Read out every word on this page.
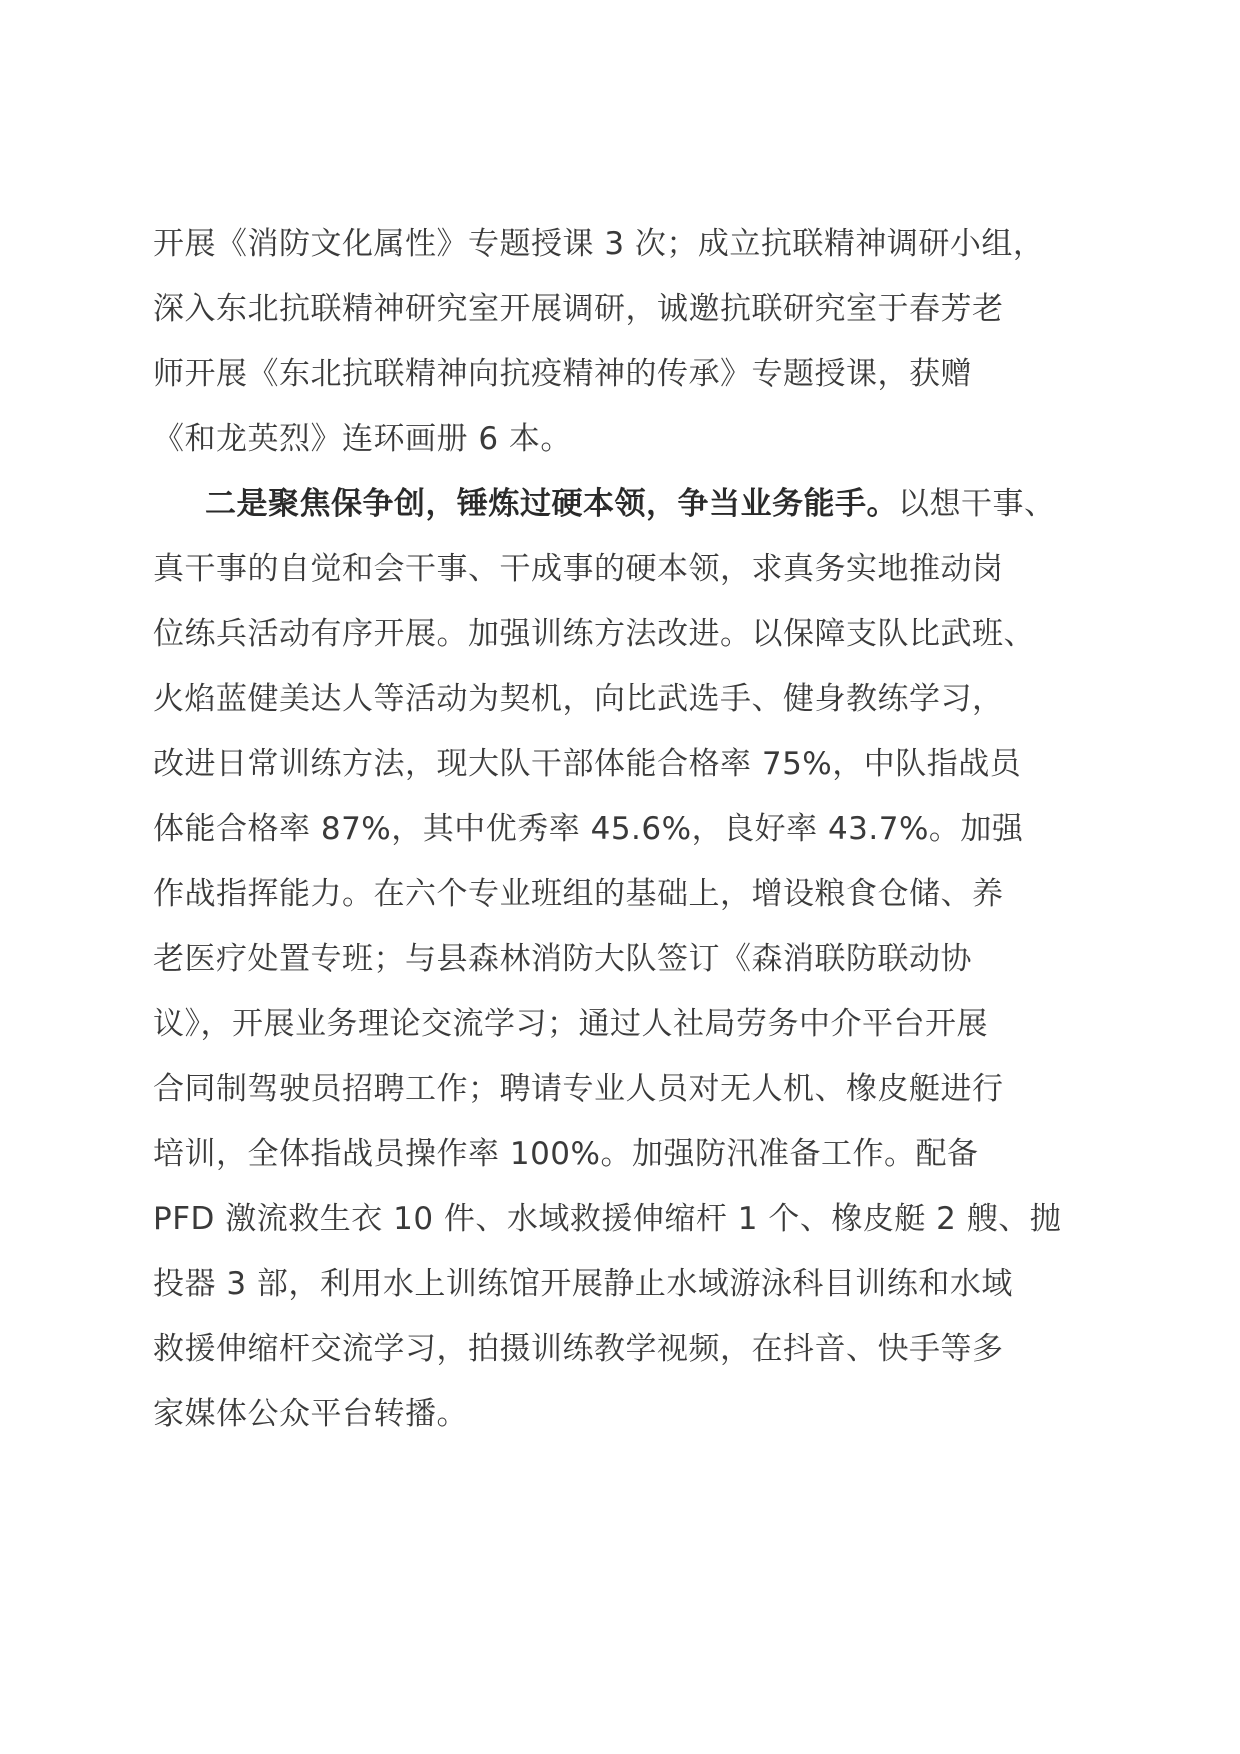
开展《消防文化属性》专题授课 3 次；成立抗联精神调研小组，
深入东北抗联精神研究室开展调研，诚邀抗联研究室于春芳老
师开展《东北抗联精神向抗疫精神的传承》专题授课，获赠
《和龙英烈》连环画册 6 本。
二是聚焦保争创，锤炼过硬本领，争当业务能手。以想干事、
真干事的自觉和会干事、干成事的硬本领，求真务实地推动岗
位练兵活动有序开展。加强训练方法改进。以保障支队比武班、
火焰蓝健美达人等活动为契机，向比武选手、健身教练学习，
改进日常训练方法，现大队干部体能合格率 75%，中队指战员
体能合格率 87%，其中优秀率 45.6%，良好率 43.7%。加强
作战指挥能力。在六个专业班组的基础上，增设粮食仓储、养
老医疗处置专班；与县森林消防大队签订《森消联防联动协
议》，开展业务理论交流学习；通过人社局劳务中介平台开展
合同制驾驶员招聘工作；聘请专业人员对无人机、橡皮艇进行
培训，全体指战员操作率 100%。加强防汛准备工作。配备
PFD 激流救生衣 10 件、水域救援伸缩杆 1 个、橡皮艇 2 艘、抛
投器 3 部，利用水上训练馆开展静止水域游泳科目训练和水域
救援伸缩杆交流学习，拍摄训练教学视频，在抖音、快手等多
家媒体公众平台转播。
